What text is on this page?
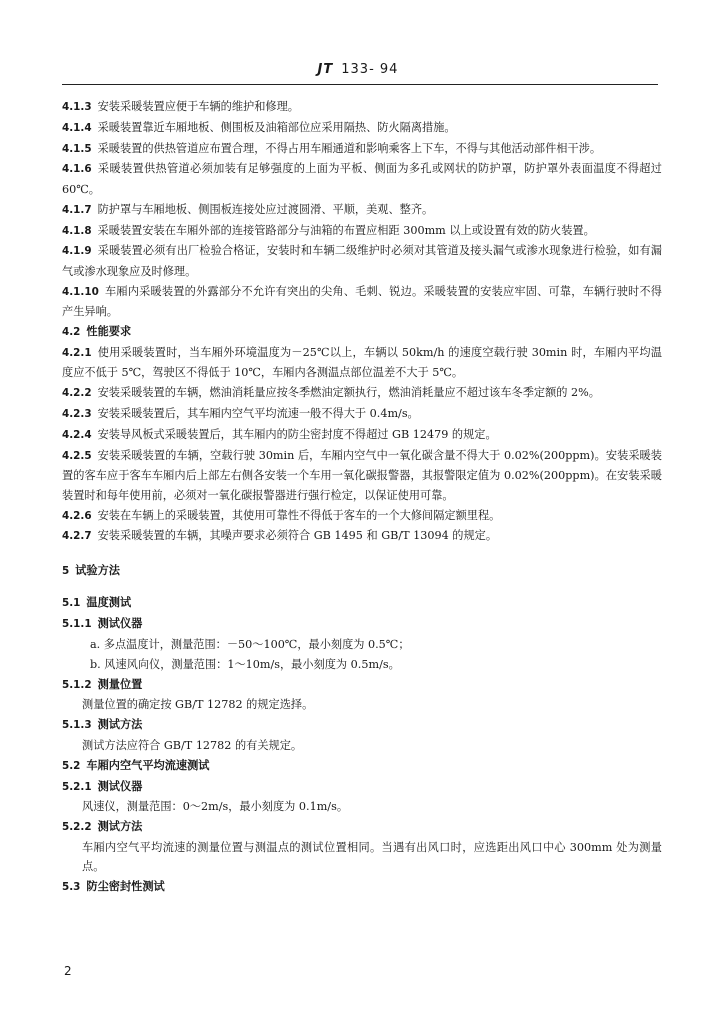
JT 133- 94
4.1.3 安装采暖装置应便于车辆的维护和修理。
4.1.4 采暖装置靠近车厢地板、侧围板及油箱部位应采用隔热、防火隔离措施。
4.1.5 采暖装置的供热管道应布置合理，不得占用车厢通道和影响乘客上下车，不得与其他活动部件相干涉。
4.1.6 采暖装置供热管道必须加装有足够强度的上面为平板、侧面为多孔或网状的防护罩，防护罩外表面温度不得超过 60℃。
4.1.7 防护罩与车厢地板、侧围板连接处应过渡圆滑、平顺，美观、整齐。
4.1.8 采暖装置安装在车厢外部的连接管路部分与油箱的布置应相距 300mm 以上或设置有效的防火装置。
4.1.9 采暖装置必须有出厂检验合格证，安装时和车辆二级维护时必须对其管道及接头漏气或渗水现象进行检验，如有漏气或渗水现象应及时修理。
4.1.10 车厢内采暖装置的外露部分不允许有突出的尖角、毛刺、锐边。采暖装置的安装应牢固、可靠，车辆行驶时不得产生异响。
4.2 性能要求
4.2.1 使用采暖装置时，当车厢外环境温度为－25℃以上，车辆以 50km/h 的速度空载行驶 30min 时，车厢内平均温度应不低于 5℃，驾驶区不得低于 10℃，车厢内各测温点部位温差不大于 5℃。
4.2.2 安装采暖装置的车辆，燃油消耗量应按冬季燃油定额执行，燃油消耗量应不超过该车冬季定额的 2%。
4.2.3 安装采暖装置后，其车厢内空气平均流速一般不得大于 0.4m/s。
4.2.4 安装导风板式采暖装置后，其车厢内的防尘密封度不得超过 GB 12479 的规定。
4.2.5 安装采暖装置的车辆，空载行驶 30min 后，车厢内空气中一氧化碳含量不得大于 0.02%(200ppm)。安装采暖装置的客车应于客车车厢内后上部左右侧各安装一个车用一氧化碳报警器，其报警限定值为 0.02%(200ppm)。在安装采暖装置时和每年使用前，必须对一氧化碳报警器进行强行检定，以保证使用可靠。
4.2.6 安装在车辆上的采暖装置，其使用可靠性不得低于客车的一个大修间隔定额里程。
4.2.7 安装采暖装置的车辆，其噪声要求必须符合 GB 1495 和 GB/T 13094 的规定。
5 试验方法
5.1 温度测试
5.1.1 测试仪器
a. 多点温度计，测量范围：－50～100℃，最小刻度为 0.5℃；
b. 风速风向仪，测量范围：1～10m/s，最小刻度为 0.5m/s。
5.1.2 测量位置
测量位置的确定按 GB/T 12782 的规定选择。
5.1.3 测试方法
测试方法应符合 GB/T 12782 的有关规定。
5.2 车厢内空气平均流速测试
5.2.1 测试仪器
风速仪，测量范围：0～2m/s，最小刻度为 0.1m/s。
5.2.2 测试方法
车厢内空气平均流速的测量位置与测温点的测试位置相同。当遇有出风口时，应选距出风口中心 300mm 处为测量点。
5.3 防尘密封性测试
2
